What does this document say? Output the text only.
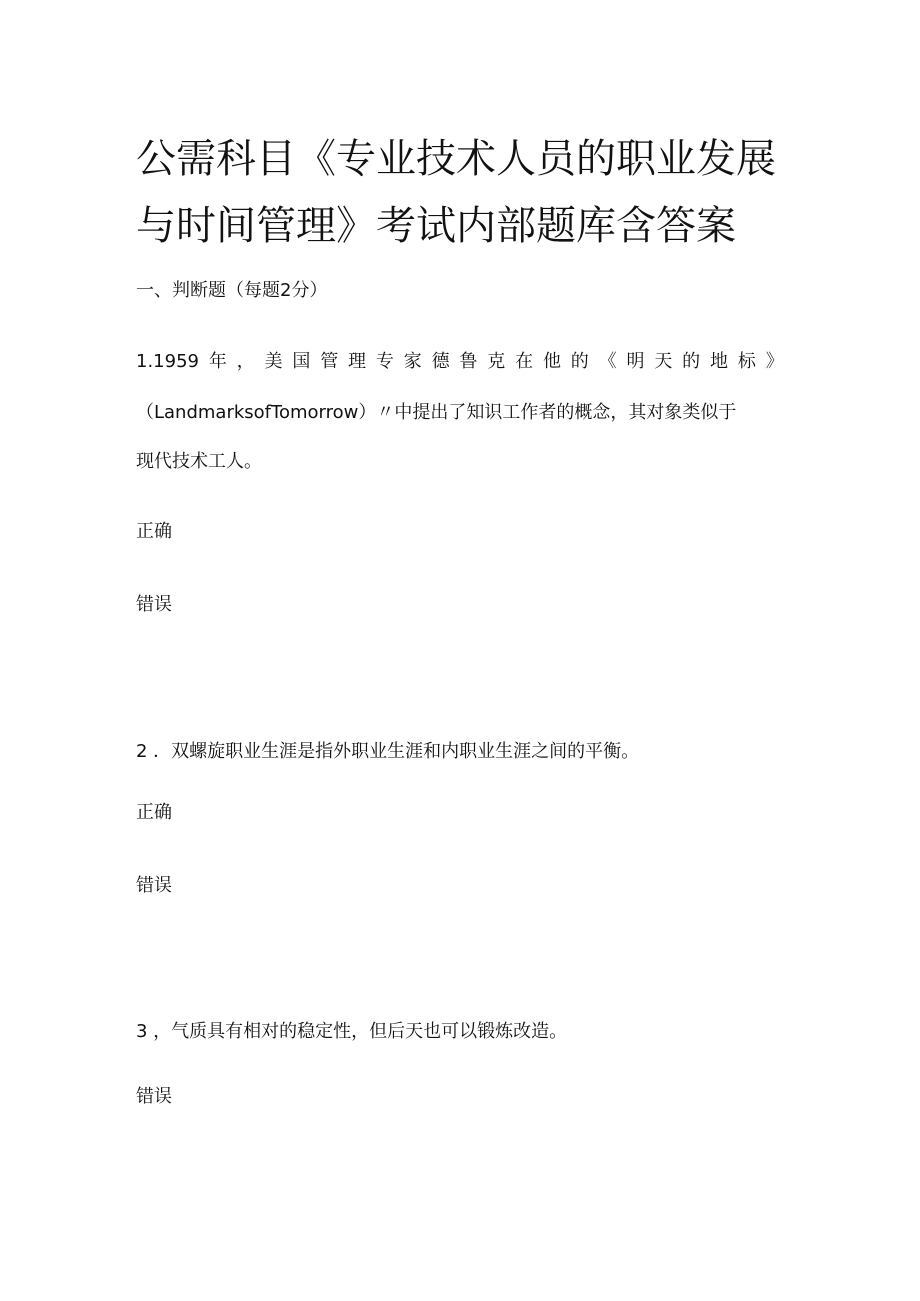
公需科目《专业技术人员的职业发展
与时间管理》考试内部题库含答案
一、判断题（每题2分）
1.1959 年 ， 美 国 管 理 专 家 德 鲁 克 在 他 的 《 明 天 的 地 标 》
（LandmarksofTomorrow）〃中提出了知识工作者的概念，其对象类似于
现代技术工人。
正确
错误
2 ．双螺旋职业生涯是指外职业生涯和内职业生涯之间的平衡。
正确
错误
3 ，气质具有相对的稳定性，但后天也可以锻炼改造。
错误
